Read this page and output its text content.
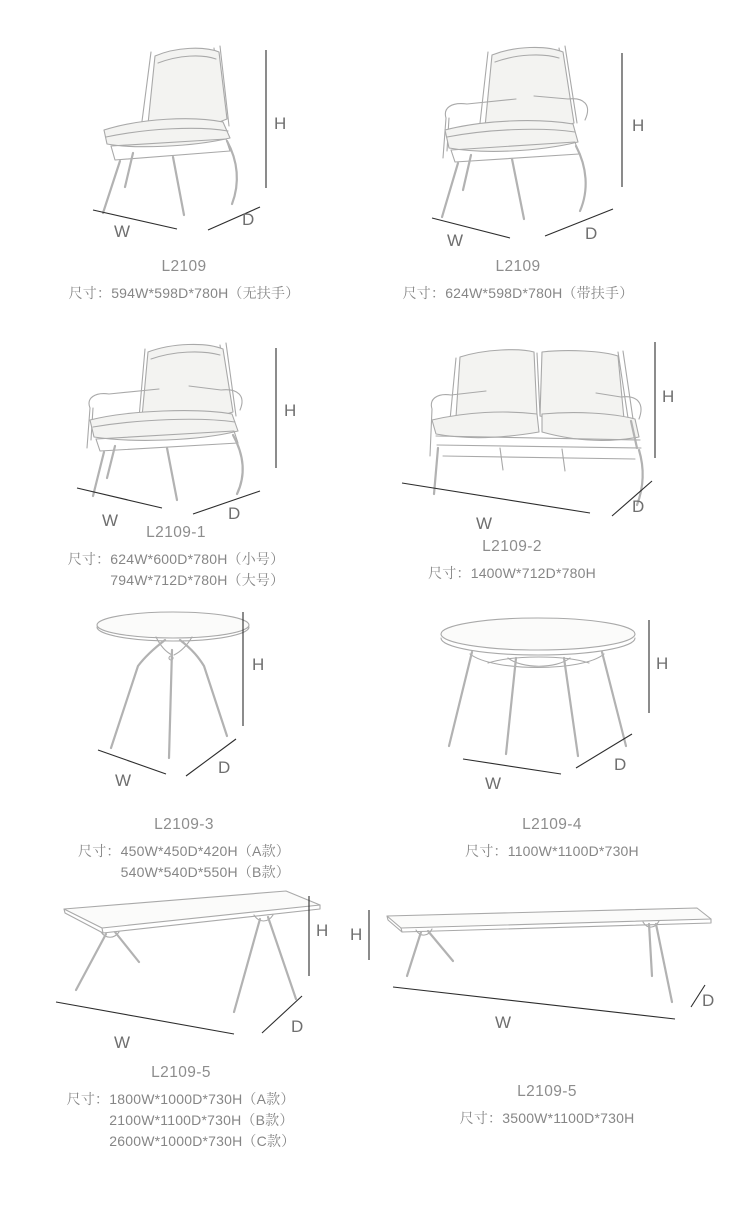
H
W
D
H
W	D
H
W	D
H
W
D
H
W
D
H
W
D
H
W
D
H
W
D
L2109
尺寸： 594W*598D*780H（无扶手）
L2109
尺寸： 624W*598D*780H（带扶手）
L2109-1
尺寸： 624W*600D*780H（小号）
794W*712D*780H（大号）
L2109-2
尺寸： 1400W*712D*780H
L2109-3
尺寸： 450W*450D*420H（A款）
540W*540D*550H（B款）
L2109-4
尺寸： 1100W*1100D*730H
L2109-5
尺寸： 1800W*1000D*730H（A款）
2100W*1100D*730H（B款）
2600W*1000D*730H（C款）
L2109-5
尺寸： 3500W*1100D*730H
